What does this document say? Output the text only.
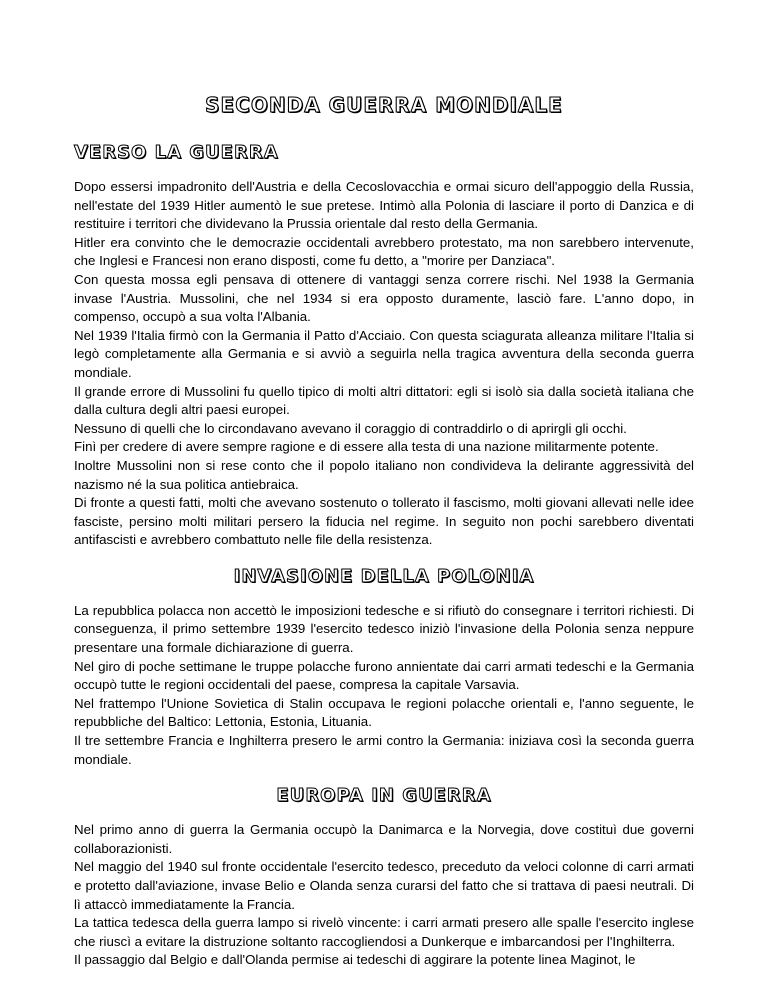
SECONDA GUERRA MONDIALE
VERSO LA GUERRA

Dopo essersi impadronito dell'Austria e della Cecoslovacchia e ormai sicuro dell'appoggio della Russia, nell'estate del 1939 Hitler aumentò le sue pretese. Intimò alla Polonia di lasciare il porto di Danzica e di restituire i territori che dividevano la Prussia orientale dal resto della Germania.

Hitler era convinto che le democrazie occidentali avrebbero protestato, ma non sarebbero intervenute, che Inglesi e Francesi non erano disposti, come fu detto, a "morire per Danziaca".

Con questa mossa egli pensava di ottenere di vantaggi senza correre rischi. Nel 1938 la Germania invase l'Austria. Mussolini, che nel 1934 si era opposto duramente, lasciò fare. L'anno dopo, in compenso, occupò a sua volta l'Albania.

Nel 1939 l'Italia firmò con la Germania il Patto d'Acciaio. Con questa sciagurata alleanza militare l'Italia si legò completamente alla Germania e si avviò a seguirla nella tragica avventura della seconda guerra mondiale.

Il grande errore di Mussolini fu quello tipico di molti altri dittatori: egli si isolò sia dalla società italiana che dalla cultura degli altri paesi europei.

Nessuno di quelli che lo circondavano avevano il coraggio di contraddirlo o di aprirgli gli occhi.

Finì per credere di avere sempre ragione e di essere alla testa di una nazione militarmente potente.

Inoltre Mussolini non si rese conto che il popolo italiano non condivideva la delirante aggressività del nazismo né la sua politica antiebraica.

Di fronte a questi fatti, molti che avevano sostenuto o tollerato il fascismo, molti giovani allevati nelle idee fasciste, persino molti militari persero la fiducia nel regime. In seguito non pochi sarebbero diventati antifascisti e avrebbero combattuto nelle file della resistenza.

INVASIONE DELLA POLONIA

La repubblica polacca non accettò le imposizioni tedesche e si rifiutò do consegnare i territori richiesti. Di conseguenza, il primo settembre 1939 l'esercito tedesco iniziò l'invasione della Polonia senza neppure presentare una formale dichiarazione di guerra.

Nel giro di poche settimane le truppe polacche furono annientate dai carri armati tedeschi e la Germania occupò tutte le regioni occidentali del paese, compresa la capitale Varsavia.

Nel frattempo l'Unione Sovietica di Stalin occupava le regioni polacche orientali e, l'anno seguente, le repubbliche del Baltico: Lettonia, Estonia, Lituania.

Il tre settembre Francia e Inghilterra presero le armi contro la Germania: iniziava così la seconda guerra mondiale.

EUROPA IN GUERRA

Nel primo anno di guerra la Germania occupò la Danimarca e la Norvegia, dove costituì due governi collaborazionisti.

Nel maggio del 1940 sul fronte occidentale l'esercito tedesco, preceduto da veloci colonne di carri armati e protetto dall'aviazione, invase Belio e Olanda senza curarsi del fatto che si trattava di paesi neutrali. Di lì attaccò immediatamente la Francia.

La tattica tedesca della guerra lampo si rivelò vincente: i carri armati presero alle spalle l'esercito inglese che riuscì a evitare la distruzione soltanto raccogliendosi a Dunkerque e imbarcandosi per l'Inghilterra.

Il passaggio dal Belgio e dall'Olanda permise ai tedeschi di aggirare la potente linea Maginot, le
